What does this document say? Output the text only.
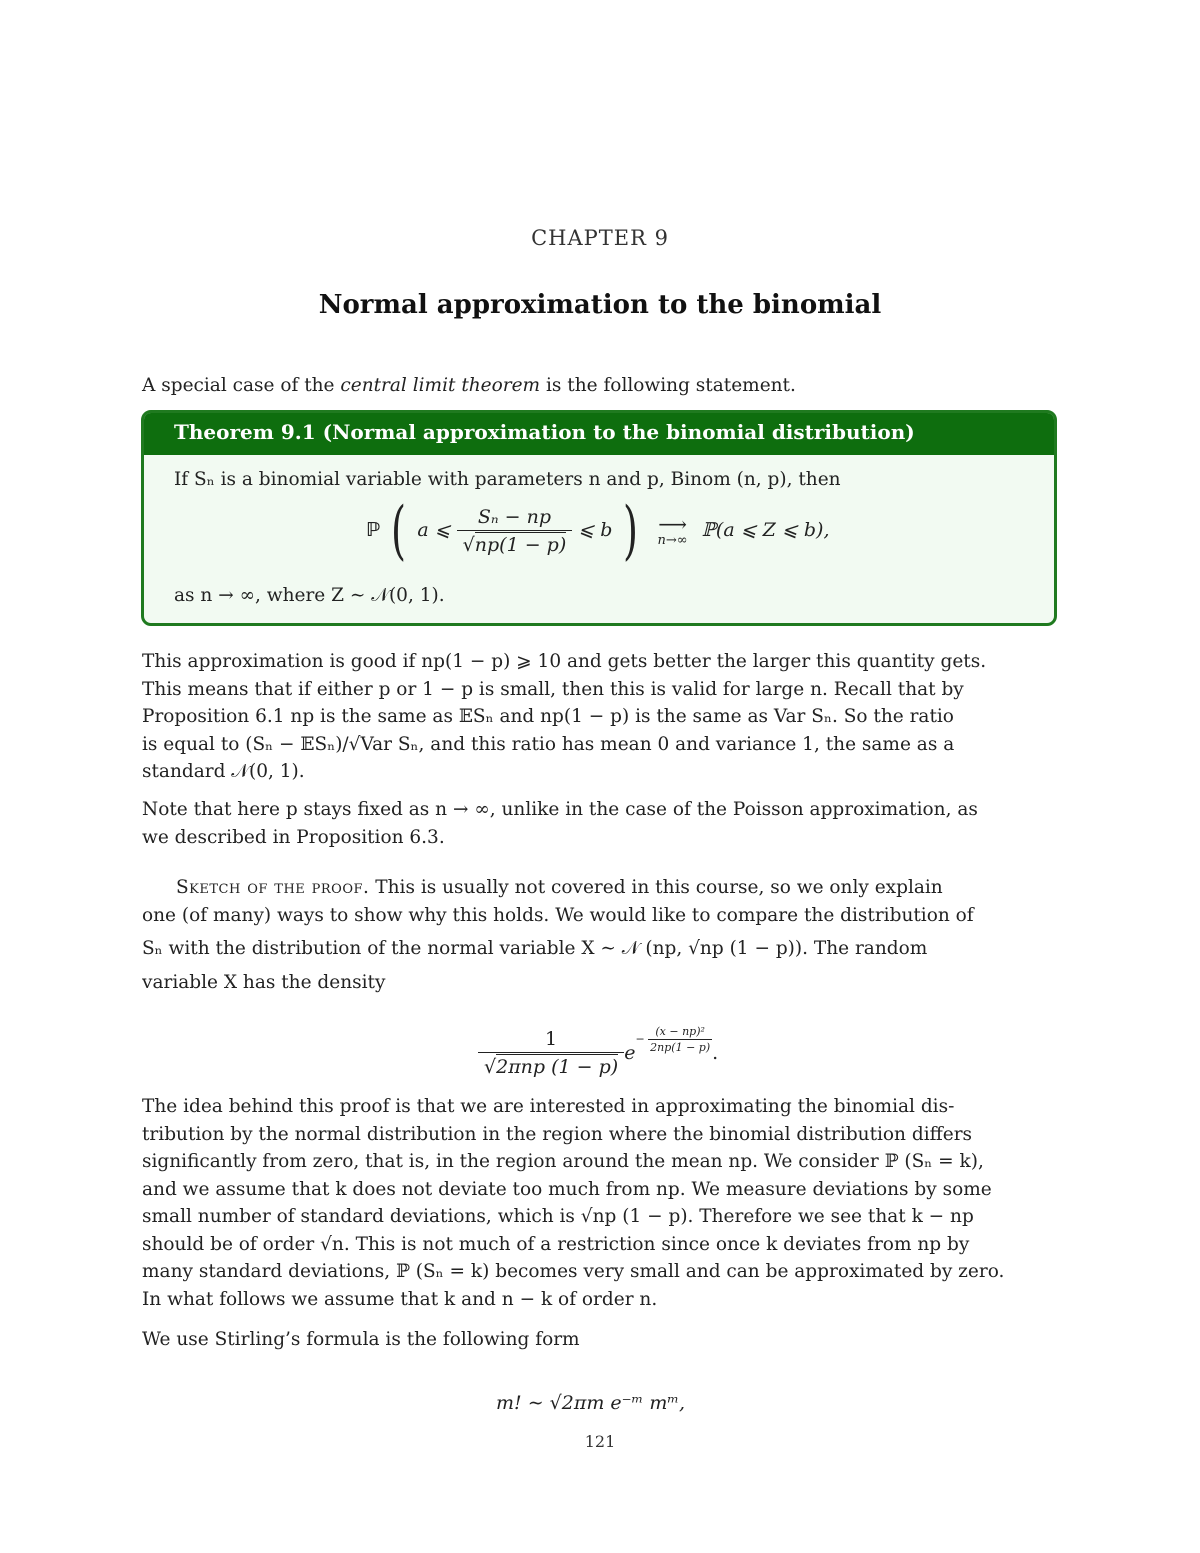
CHAPTER 9
Normal approximation to the binomial
A special case of the central limit theorem is the following statement.
Theorem 9.1 (Normal approximation to the binomial distribution)
If Sₙ is a binomial variable with parameters n and p, Binom (n, p), then
ℙ ( a ⩽ $\frac{\text{Sₙ − np}}{√np(1 - p)}$ ⩽ b ) ⟶
n→∞ ℙ(a ⩽ Z ⩽ b),
as n → ∞, where Z ∼ 𝒩(0, 1).
This approximation is good if np(1 − p) ⩾ 10 and gets better the larger this quantity gets.
This means that if either p or 1 − p is small, then this is valid for large n. Recall that by
Proposition 6.1 np is the same as 𝔼Sₙ and np(1 − p) is the same as Var Sₙ. So the ratio
is equal to (Sₙ − 𝔼Sₙ)/√Var Sₙ, and this ratio has mean 0 and variance 1, the same as a
standard 𝒩(0, 1).
Note that here p stays fixed as n → ∞, unlike in the case of the Poisson approximation, as
we described in Proposition 6.3.
Sketch of the proof. This is usually not covered in this course, so we only explain
one (of many) ways to show why this holds. We would like to compare the distribution of
Sₙ with the distribution of the normal variable X ∼ 𝒩 (np, √np (1 − p)). The random
variable X has the density
$\frac{1}{\text{√2πnp (1 − p)}} e- \frac{\text{(x − np)²}}{2np(1 - p)}$ .
The idea behind this proof is that we are interested in approximating the binomial dis-
tribution by the normal distribution in the region where the binomial distribution differs
significantly from zero, that is, in the region around the mean np. We consider ℙ (Sₙ = k),
and we assume that k does not deviate too much from np. We measure deviations by some
small number of standard deviations, which is √np (1 − p). Therefore we see that k − np
should be of order √n. This is not much of a restriction since once k deviates from np by
many standard deviations, ℙ (Sₙ = k) becomes very small and can be approximated by zero.
In what follows we assume that k and n − k of order n.
We use Stirling’s formula is the following form
m! ∼ √2πm e⁻ᵐ mᵐ,
121
